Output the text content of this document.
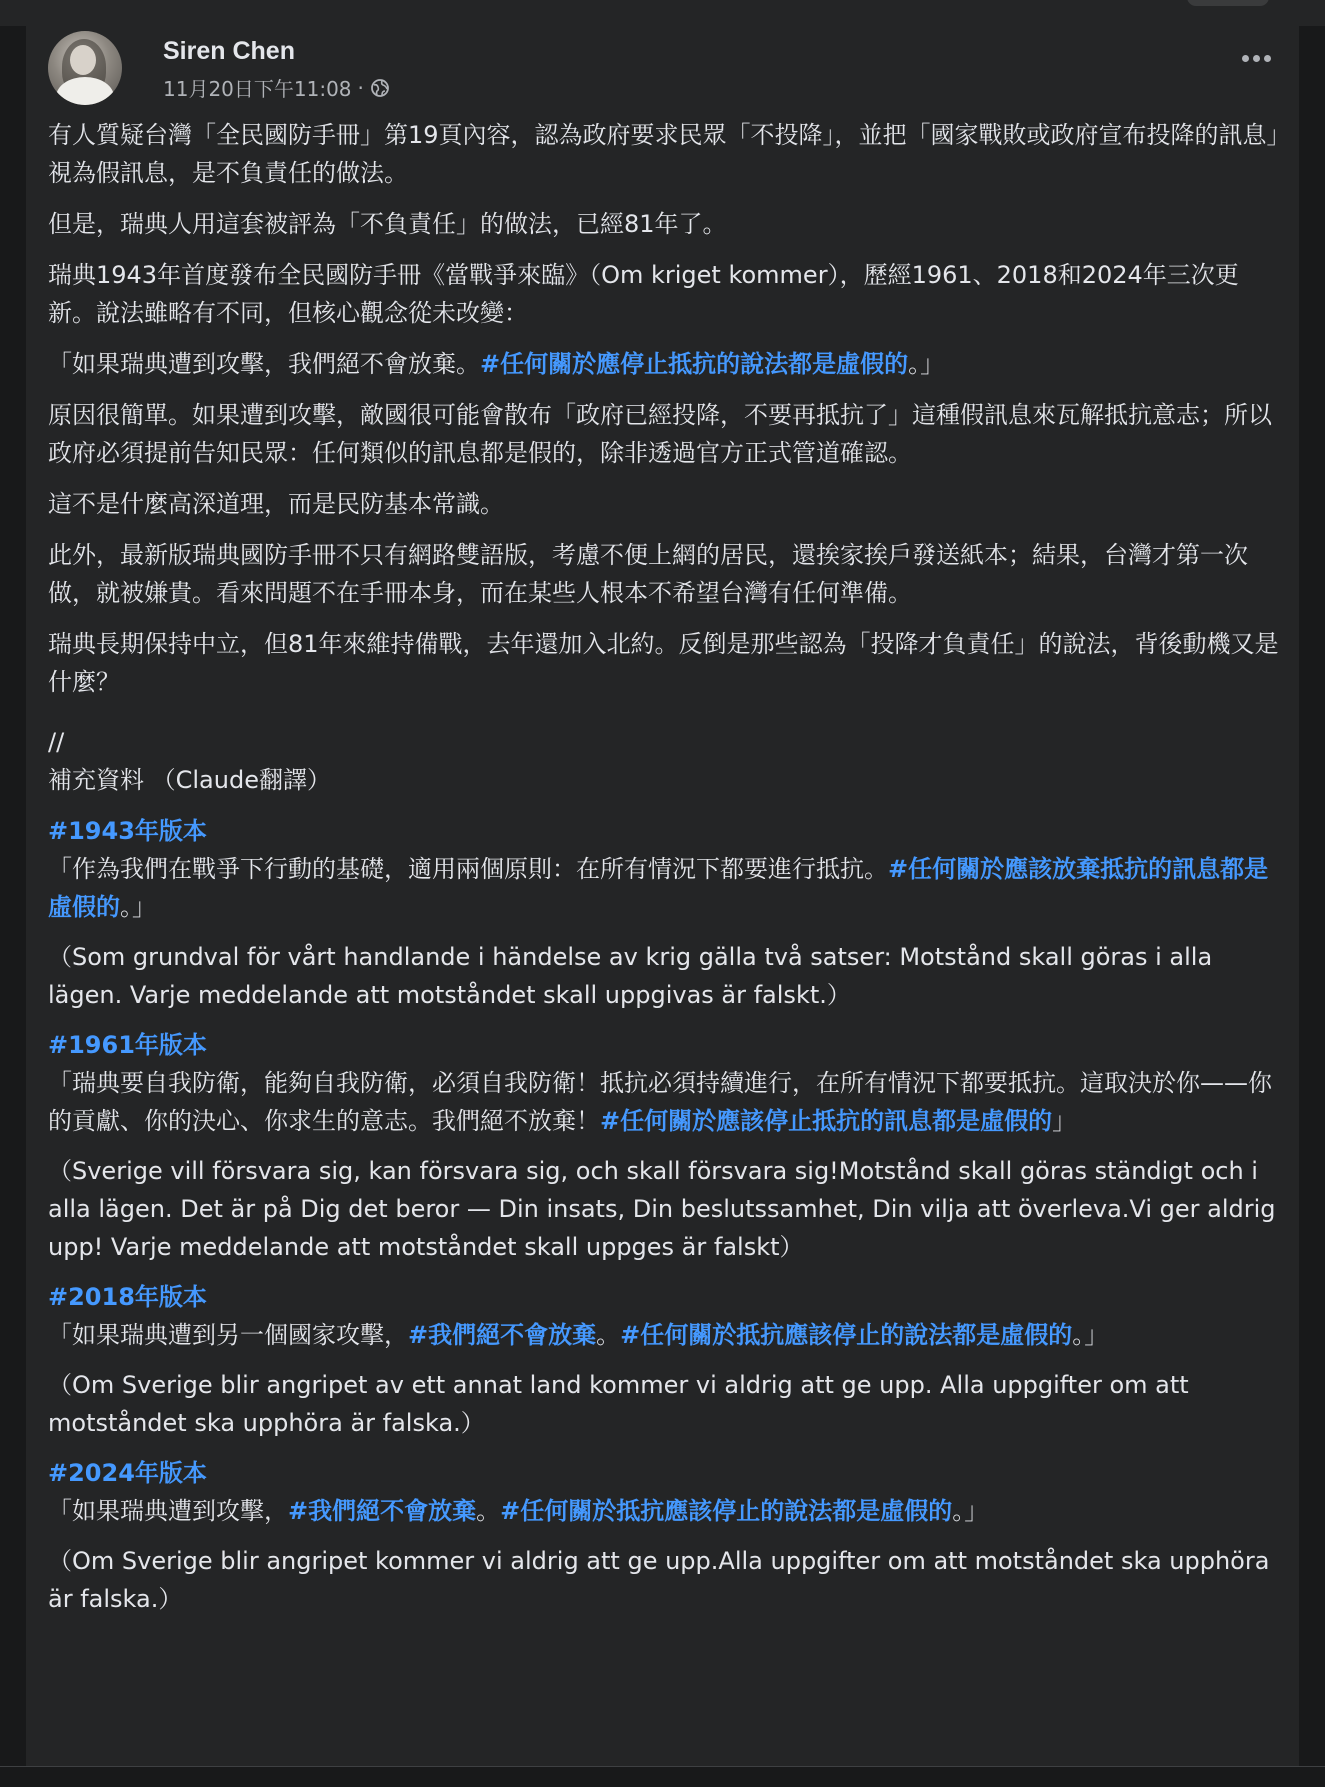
Siren Chen
11月20日下午11:08 ·

有人質疑台灣「全民國防手冊」第19頁內容，認為政府要求民眾「不投降」，並把「國家戰敗或政府宣布投降的訊息」視為假訊息，是不負責任的做法。

但是，瑞典人用這套被評為「不負責任」的做法，已經81年了。

瑞典1943年首度發布全民國防手冊《當戰爭來臨》（Om kriget kommer），歷經1961、2018和2024年三次更新。說法雖略有不同，但核心觀念從未改變：

「如果瑞典遭到攻擊，我們絕不會放棄。#任何關於應停止抵抗的說法都是虛假的。」

原因很簡單。如果遭到攻擊，敵國很可能會散布「政府已經投降，不要再抵抗了」這種假訊息來瓦解抵抗意志；所以政府必須提前告知民眾：任何類似的訊息都是假的，除非透過官方正式管道確認。

這不是什麼高深道理，而是民防基本常識。

此外，最新版瑞典國防手冊不只有網路雙語版，考慮不便上網的居民，還挨家挨戶發送紙本；結果，台灣才第一次做，就被嫌貴。看來問題不在手冊本身，而在某些人根本不希望台灣有任何準備。

瑞典長期保持中立，但81年來維持備戰，去年還加入北約。反倒是那些認為「投降才負責任」的說法，背後動機又是什麼？

//

補充資料 （Claude翻譯）

#1943年版本

「作為我們在戰爭下行動的基礎，適用兩個原則：在所有情況下都要進行抵抗。#任何關於應該放棄抵抗的訊息都是虛假的。」

（Som grundval för vårt handlande i händelse av krig gälla två satser: Motstånd skall göras i alla lägen. Varje meddelande att motståndet skall uppgivas är falskt.）

#1961年版本

「瑞典要自我防衛，能夠自我防衛，必須自我防衛！抵抗必須持續進行，在所有情況下都要抵抗。這取決於你——你的貢獻、你的決心、你求生的意志。我們絕不放棄！#任何關於應該停止抵抗的訊息都是虛假的」

（Sverige vill försvara sig, kan försvara sig, och skall försvara sig!Motstånd skall göras ständigt och i alla lägen. Det är på Dig det beror — Din insats, Din beslutssamhet, Din vilja att överleva.Vi ger aldrig upp! Varje meddelande att motståndet skall uppges är falskt）

#2018年版本

「如果瑞典遭到另一個國家攻擊，#我們絕不會放棄。#任何關於抵抗應該停止的說法都是虛假的。」

（Om Sverige blir angripet av ett annat land kommer vi aldrig att ge upp. Alla uppgifter om att motståndet ska upphöra är falska.）

#2024年版本

「如果瑞典遭到攻擊，#我們絕不會放棄。#任何關於抵抗應該停止的說法都是虛假的。」

（Om Sverige blir angripet kommer vi aldrig att ge upp.Alla uppgifter om att motståndet ska upphöra är falska.）
